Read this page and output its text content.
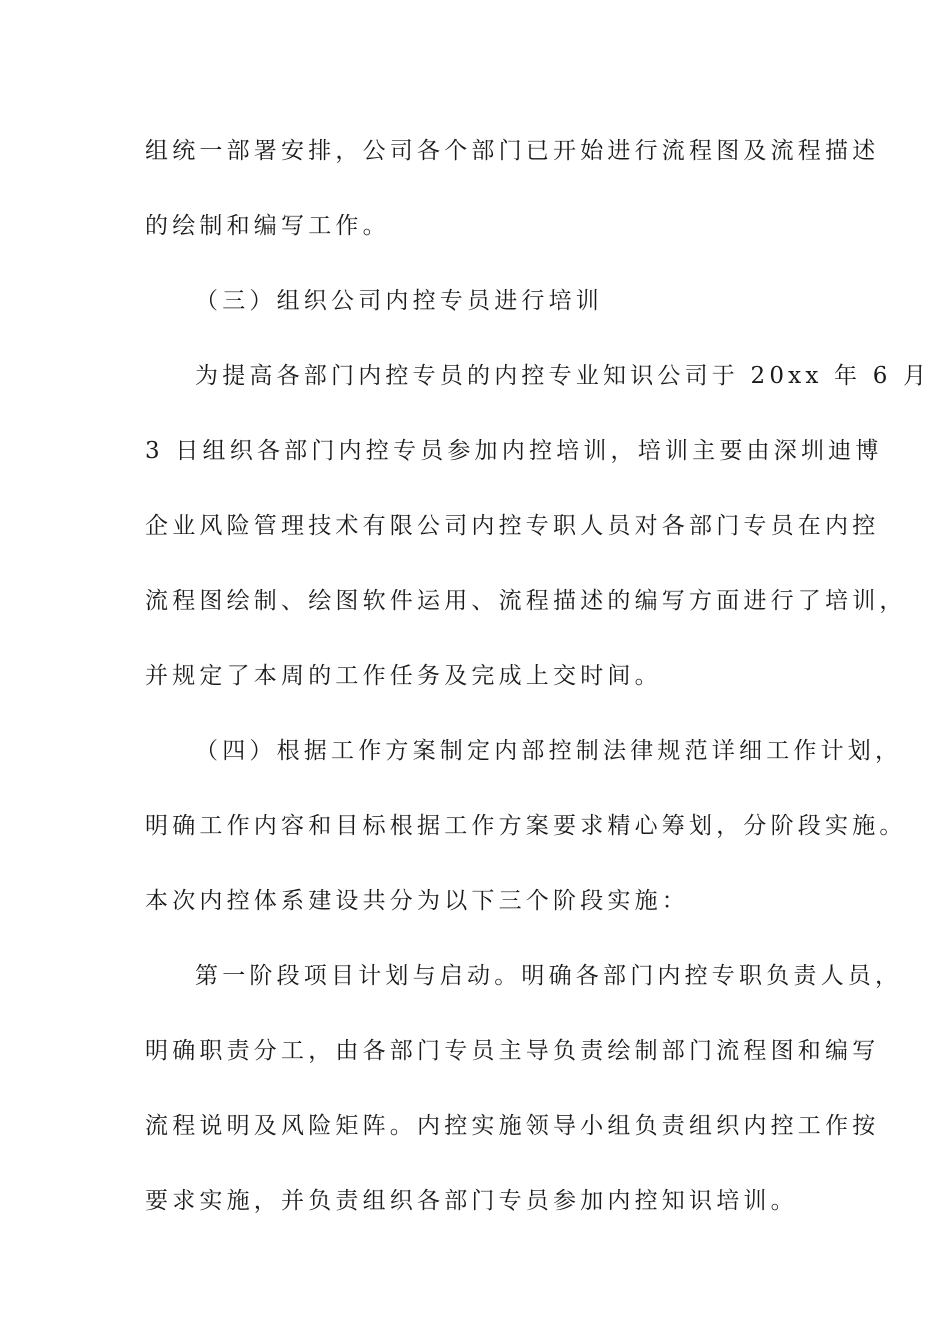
组统一部署安排，公司各个部门已开始进行流程图及流程描述
的绘制和编写工作。
（三）组织公司内控专员进行培训
为提高各部门内控专员的内控专业知识公司于 20xx 年 6 月
3 日组织各部门内控专员参加内控培训，培训主要由深圳迪博
企业风险管理技术有限公司内控专职人员对各部门专员在内控
流程图绘制、绘图软件运用、流程描述的编写方面进行了培训，
并规定了本周的工作任务及完成上交时间。
（四）根据工作方案制定内部控制法律规范详细工作计划，
明确工作内容和目标根据工作方案要求精心筹划，分阶段实施。
本次内控体系建设共分为以下三个阶段实施：
第一阶段项目计划与启动。明确各部门内控专职负责人员，
明确职责分工，由各部门专员主导负责绘制部门流程图和编写
流程说明及风险矩阵。内控实施领导小组负责组织内控工作按
要求实施，并负责组织各部门专员参加内控知识培训。
